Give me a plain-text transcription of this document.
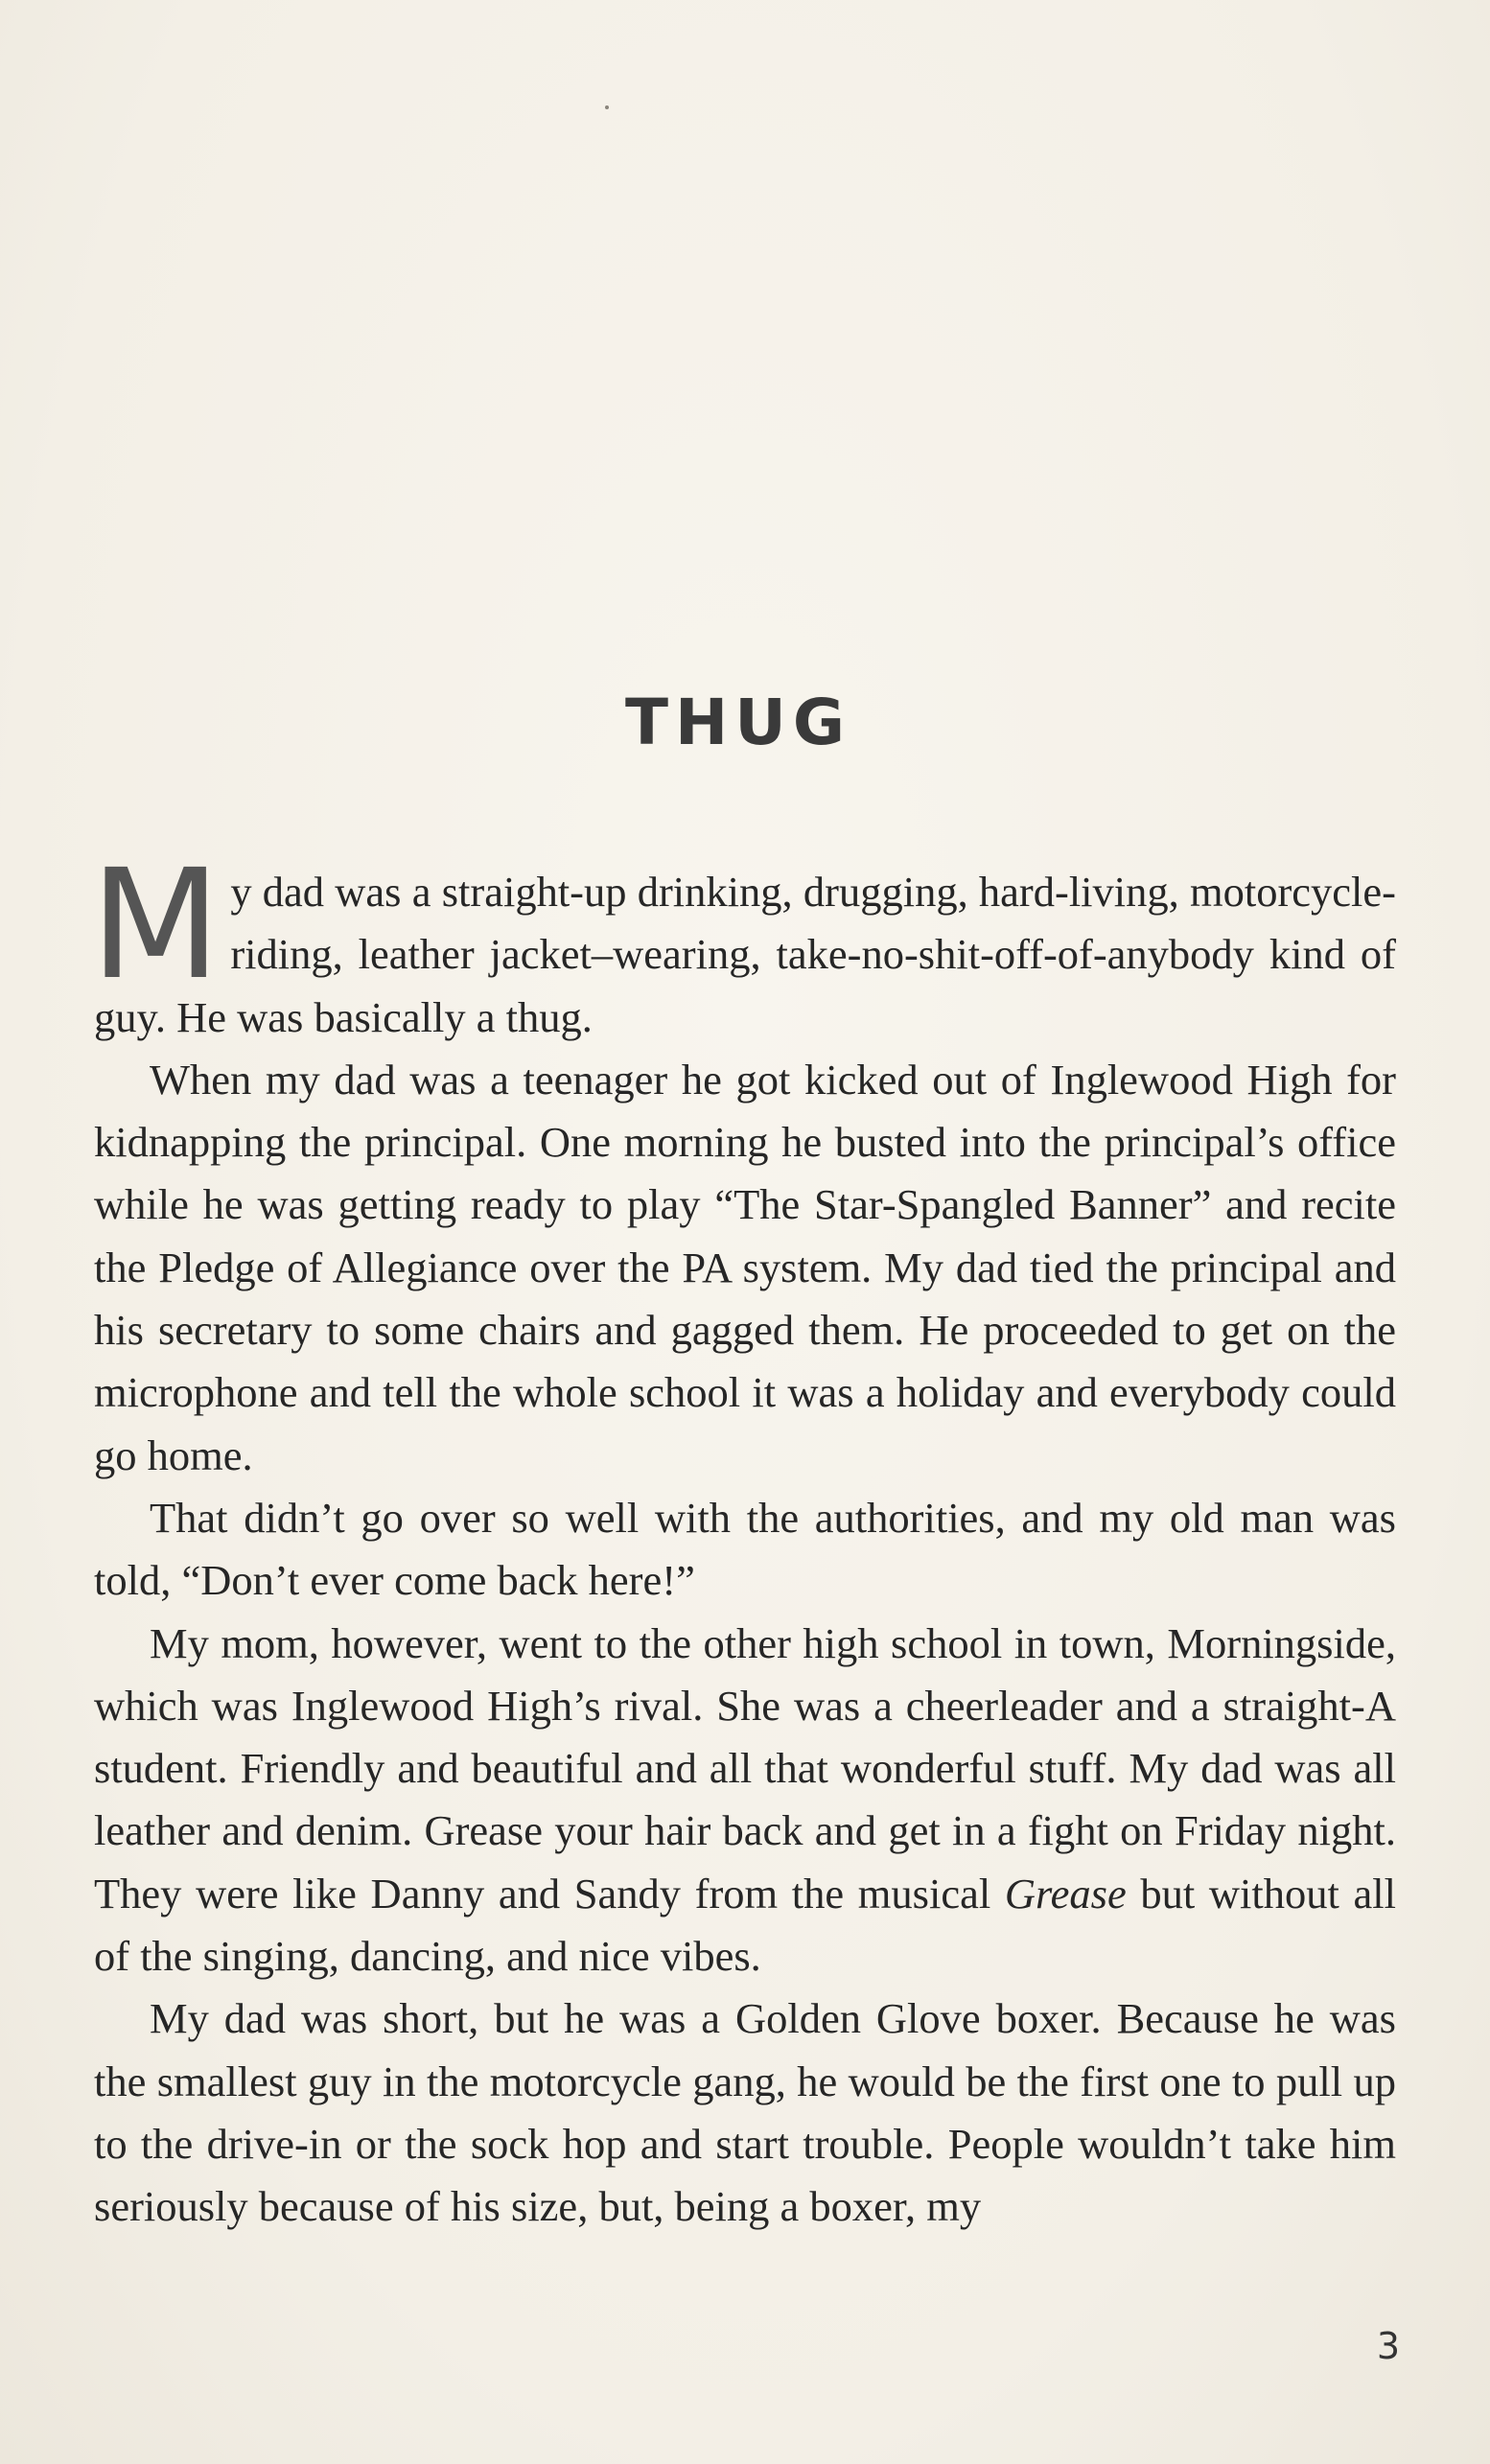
THUG

My dad was a straight-up drinking, drugging, hard-living, motorcycle-riding, leather jacket–wearing, take-no-shit-off-of-anybody kind of guy. He was basically a thug.

When my dad was a teenager he got kicked out of Inglewood High for kidnapping the principal. One morning he busted into the principal’s office while he was getting ready to play “The Star-Spangled Banner” and recite the Pledge of Allegiance over the PA system. My dad tied the principal and his secretary to some chairs and gagged them. He proceeded to get on the microphone and tell the whole school it was a holiday and everybody could go home.

That didn’t go over so well with the authorities, and my old man was told, “Don’t ever come back here!”

My mom, however, went to the other high school in town, Morningside, which was Inglewood High’s rival. She was a cheerleader and a straight-A student. Friendly and beautiful and all that wonderful stuff. My dad was all leather and denim. Grease your hair back and get in a fight on Friday night. They were like Danny and Sandy from the musical Grease but without all of the singing, dancing, and nice vibes.

My dad was short, but he was a Golden Glove boxer. Because he was the smallest guy in the motorcycle gang, he would be the first one to pull up to the drive-in or the sock hop and start trouble. People wouldn’t take him seriously because of his size, but, being a boxer, my

3
